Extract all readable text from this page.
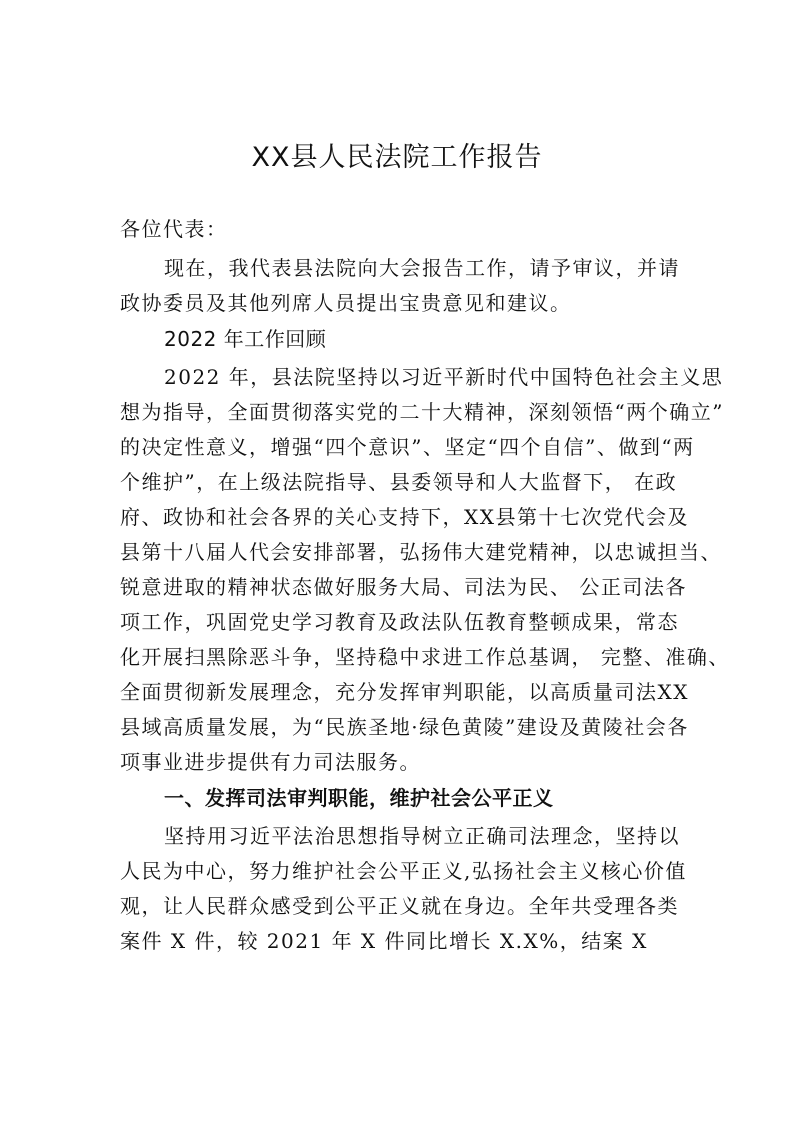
XX县人民法院工作报告

各位代表：

现在，我代表县法院向大会报告工作，请予审议，并请

政协委员及其他列席人员提出宝贵意见和建议。

2022 年工作回顾

2022 年，县法院坚持以习近平新时代中国特色社会主义思

想为指导，全面贯彻落实党的二十大精神，深刻领悟“两个确立”

的决定性意义，增强“四个意识”、坚定“四个自信”、做到“两

个维护”，在上级法院指导、县委领导和人大监督下， 在政

府、政协和社会各界的关心支持下，XX县第十七次党代会及

县第十八届人代会安排部署，弘扬伟大建党精神，以忠诚担当、

锐意进取的精神状态做好服务大局、司法为民、 公正司法各

项工作，巩固党史学习教育及政法队伍教育整顿成果，常态

化开展扫黑除恶斗争，坚持稳中求进工作总基调， 完整、准确、

全面贯彻新发展理念，充分发挥审判职能，以高质量司法XX

县域高质量发展，为“民族圣地·绿色黄陵”建设及黄陵社会各

项事业进步提供有力司法服务。

一、发挥司法审判职能，维护社会公平正义

坚持用习近平法治思想指导树立正确司法理念，坚持以

人民为中心，努力维护社会公平正义,弘扬社会主义核心价值

观，让人民群众感受到公平正义就在身边。全年共受理各类

案件 X 件，较 2021 年 X 件同比增长 X.X%，结案 X
